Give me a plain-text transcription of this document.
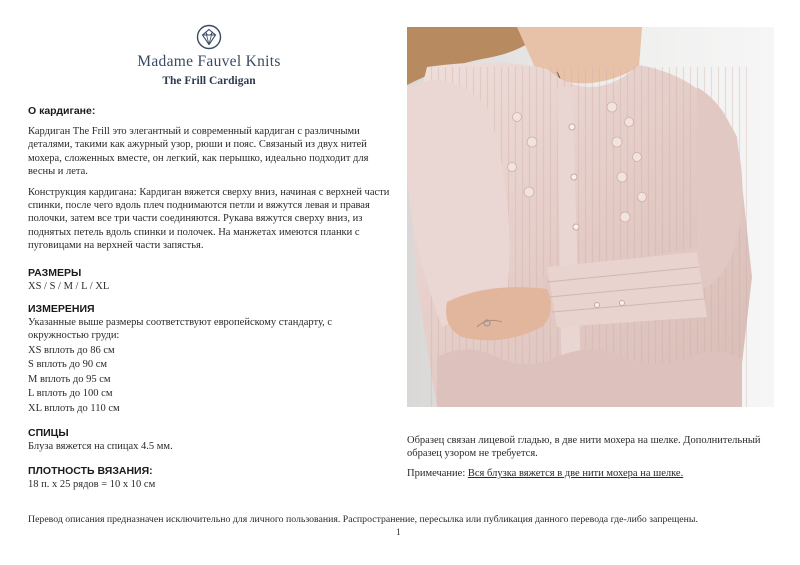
Madame Fauvel Knits
The Frill Cardigan
О кардигане:

Кардиган The Frill это элегантный и современный кардиган с различными деталями, такими как ажурный узор, рюши и пояс. Связаный из двух нитей мохера, сложенных вместе, он легкий, как перышко, идеально подходит для весны и лета.

Конструкция кардигана: Кардиган вяжется сверху вниз, начиная с верхней части спинки, после чего вдоль плеч поднимаются петли и вяжутся левая и правая полочки, затем все три части соединяются. Рукава вяжутся сверху вниз, из поднятых петель вдоль спинки и полочек. На манжетах имеются планки с пуговицами на верхней части запястья.

РАЗМЕРЫ
XS / S / M / L / XL
ИЗМЕРЕНИЯ
Указанные выше размеры соответствуют европейскому стандарту, с окружностью груди:
XS вплоть до 86 см
S вплоть до 90 см
M вплоть до 95 см
L вплоть до 100 см
XL вплоть до 110 см
СПИЦЫ
Блуза вяжется на спицах 4.5 мм.
ПЛОТНОСТЬ ВЯЗАНИЯ:
18 п. х 25 рядов = 10 х 10 см

Образец связан лицевой гладью, в две нити мохера на шелке. Дополнительный образец узором не требуется.

Примечание: Вся блузка вяжется в две нити мохера на шелке.

Перевод описания предназначен исключительно для личного пользования. Распространение, пересылка или публикация данного перевода где-либо запрещены.
1
